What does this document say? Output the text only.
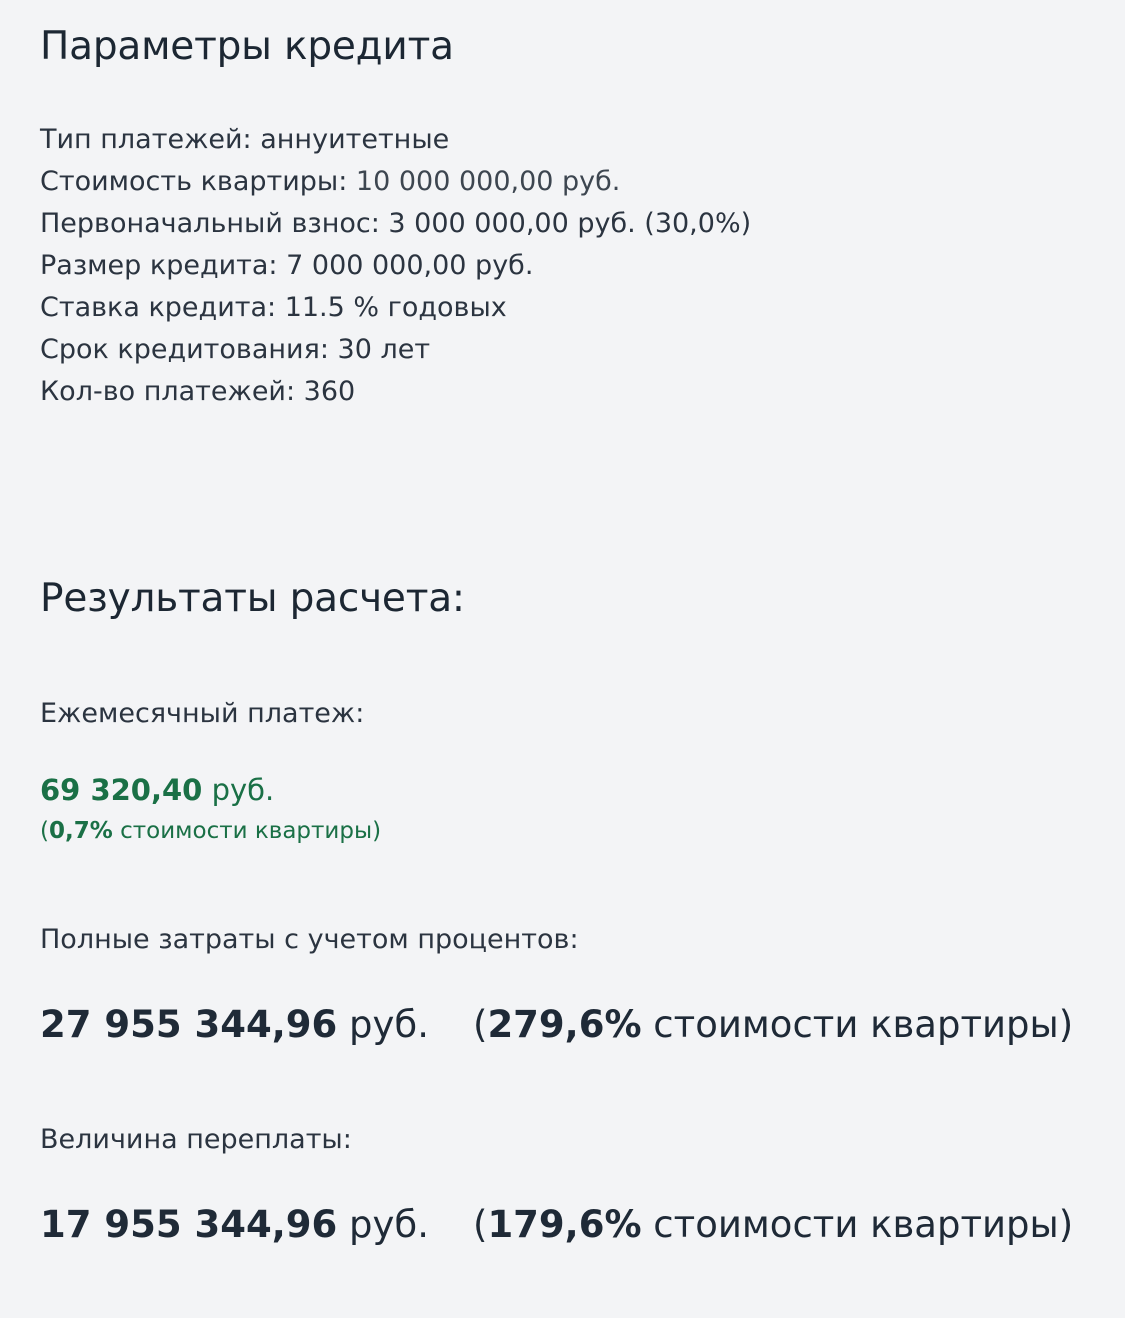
Параметры кредита
Тип платежей: аннуитетные
Стоимость квартиры: 10 000 000,00 руб.
Первоначальный взнос: 3 000 000,00 руб. (30,0%)
Размер кредита: 7 000 000,00 руб.
Ставка кредита: 11.5 % годовых
Срок кредитования: 30 лет
Кол-во платежей: 360
Результаты расчета:
Ежемесячный платеж:
69 320,40 руб.
(0,7% стоимости квартиры)
Полные затраты с учетом процентов:
27 955 344,96 руб. (279,6% стоимости квартиры)
Величина переплаты:
17 955 344,96 руб. (179,6% стоимости квартиры)
